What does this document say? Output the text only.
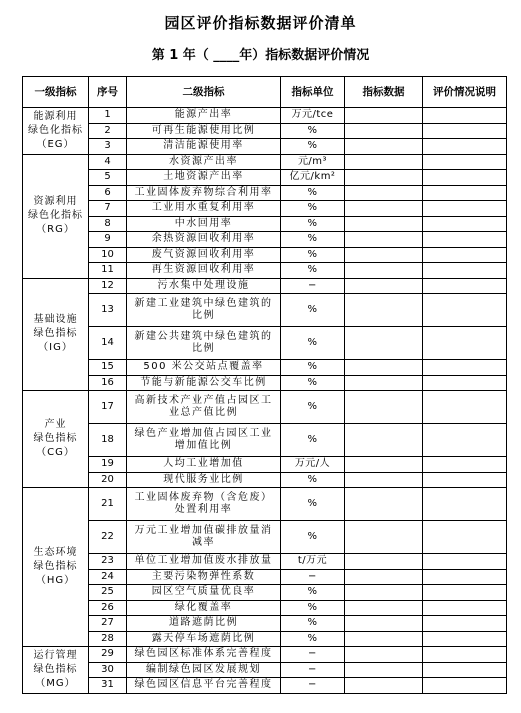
园区评价指标数据评价清单
第 1 年（ ____年）指标数据评价情况
一级指标	序号	二级指标	指标单位	指标数据	评价情况说明

能源利用
绿色化指标
（EG）	1	能源产出率	万元/tce		
	2	可再生能源使用比例	%		
	3	清洁能源使用率	%		

资源利用
绿色化指标
（RG）	4	水资源产出率	元/m³		
	5	土地资源产出率	亿元/km²		
	6	工业固体废弃物综合利用率	%		
	7	工业用水重复利用率	%		
	8	中水回用率	%		
	9	余热资源回收利用率	%		
	10	废气资源回收利用率	%		
	11	再生资源回收利用率	%		

基础设施
绿色指标
（IG）	12	污水集中处理设施	−		
	13	新建工业建筑中绿色建筑的比例	%		
	14	新建公共建筑中绿色建筑的比例	%		
	15	500 米公交站点覆盖率	%		
	16	节能与新能源公交车比例	%		

产业
绿色指标
（CG）	17	高新技术产业产值占园区工业总产值比例	%		
	18	绿色产业增加值占园区工业增加值比例	%		
	19	人均工业增加值	万元/人		
	20	现代服务业比例	%		

生态环境
绿色指标
（HG）	21	工业固体废弃物（含危废）处置利用率	%		
	22	万元工业增加值碳排放量消减率	%		
	23	单位工业增加值废水排放量	t/万元		
	24	主要污染物弹性系数	−		
	25	园区空气质量优良率	%		
	26	绿化覆盖率	%		
	27	道路遮荫比例	%		
	28	露天停车场遮荫比例	%		

运行管理
绿色指标
（MG）	29	绿色园区标准体系完善程度	−		
	30	编制绿色园区发展规划	−		
	31	绿色园区信息平台完善程度	−		
